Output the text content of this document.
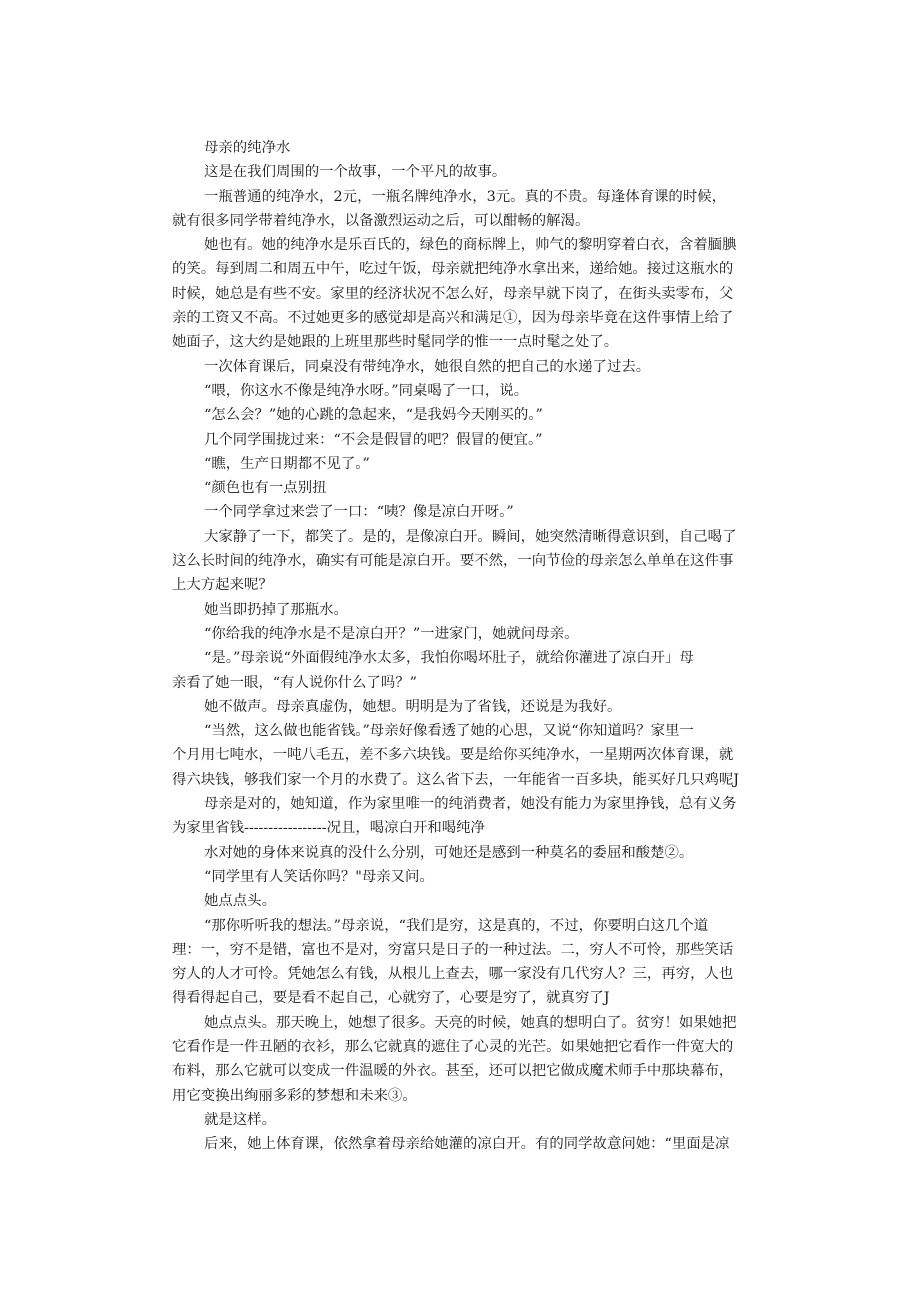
母亲的纯净水
这是在我们周围的一个故事，一个平凡的故事。
一瓶普通的纯净水，2元，一瓶名牌纯净水，3元。真的不贵。每逢体育课的时候，
就有很多同学带着纯净水，以备激烈运动之后，可以酣畅的解渴。
她也有。她的纯净水是乐百氏的，绿色的商标牌上，帅气的黎明穿着白衣，含着腼腆
的笑。每到周二和周五中午，吃过午饭，母亲就把纯净水拿出来，递给她。接过这瓶水的
时候，她总是有些不安。家里的经济状况不怎么好，母亲早就下岗了，在街头卖零布，父
亲的工资又不高。不过她更多的感觉却是高兴和满足①，因为母亲毕竟在这件事情上给了
她面子，这大约是她跟的上班里那些时髦同学的惟一一点时髦之处了。
一次体育课后，同桌没有带纯净水，她很自然的把自己的水递了过去。
“喂，你这水不像是纯净水呀。”同桌喝了一口，说。
“怎么会？”她的心跳的急起来，“是我妈今天刚买的。”
几个同学围拢过来：“不会是假冒的吧？假冒的便宜。”
“瞧，生产日期都不见了。”
“颜色也有一点别扭
一个同学拿过来尝了一口：“咦？像是凉白开呀。”
大家静了一下，都笑了。是的，是像凉白开。瞬间，她突然清晰得意识到，自己喝了
这么长时间的纯净水，确实有可能是凉白开。要不然，一向节俭的母亲怎么单单在这件事
上大方起来呢？
她当即扔掉了那瓶水。
“你给我的纯净水是不是凉白开？”一进家门，她就问母亲。
“是。”母亲说“外面假纯净水太多，我怕你喝坏肚子，就给你灌进了凉白开」母
亲看了她一眼，“有人说你什么了吗？”
她不做声。母亲真虚伪，她想。明明是为了省钱，还说是为我好。
“当然，这么做也能省钱。”母亲好像看透了她的心思，又说“你知道吗？家里一
个月用七吨水，一吨八毛五，差不多六块钱。要是给你买纯净水，一星期两次体育课，就
得六块钱，够我们家一个月的水费了。这么省下去，一年能省一百多块，能买好几只鸡呢J
母亲是对的，她知道，作为家里唯一的纯消费者，她没有能力为家里挣钱，总有义务
为家里省钱-----------------况且，喝凉白开和喝纯净
水对她的身体来说真的没什么分别，可她还是感到一种莫名的委屈和酸楚②。
“同学里有人笑话你吗？"母亲又问。
她点点头。
“那你听听我的想法。”母亲说，“我们是穷，这是真的，不过，你要明白这几个道
理：一，穷不是错，富也不是对，穷富只是日子的一种过法。二，穷人不可怜，那些笑话
穷人的人才可怜。凭她怎么有钱，从根儿上查去，哪一家没有几代穷人？三，再穷，人也
得看得起自己，要是看不起自己，心就穷了，心要是穷了，就真穷了J
她点点头。那天晚上，她想了很多。天亮的时候，她真的想明白了。贫穷！如果她把
它看作是一件丑陋的衣衫，那么它就真的遮住了心灵的光芒。如果她把它看作一件宽大的
布料，那么它就可以变成一件温暖的外衣。甚至，还可以把它做成魔术师手中那块幕布，
用它变换出绚丽多彩的梦想和未来③。
就是这样。
后来，她上体育课，依然拿着母亲给她灌的凉白开。有的同学故意问她：“里面是凉
